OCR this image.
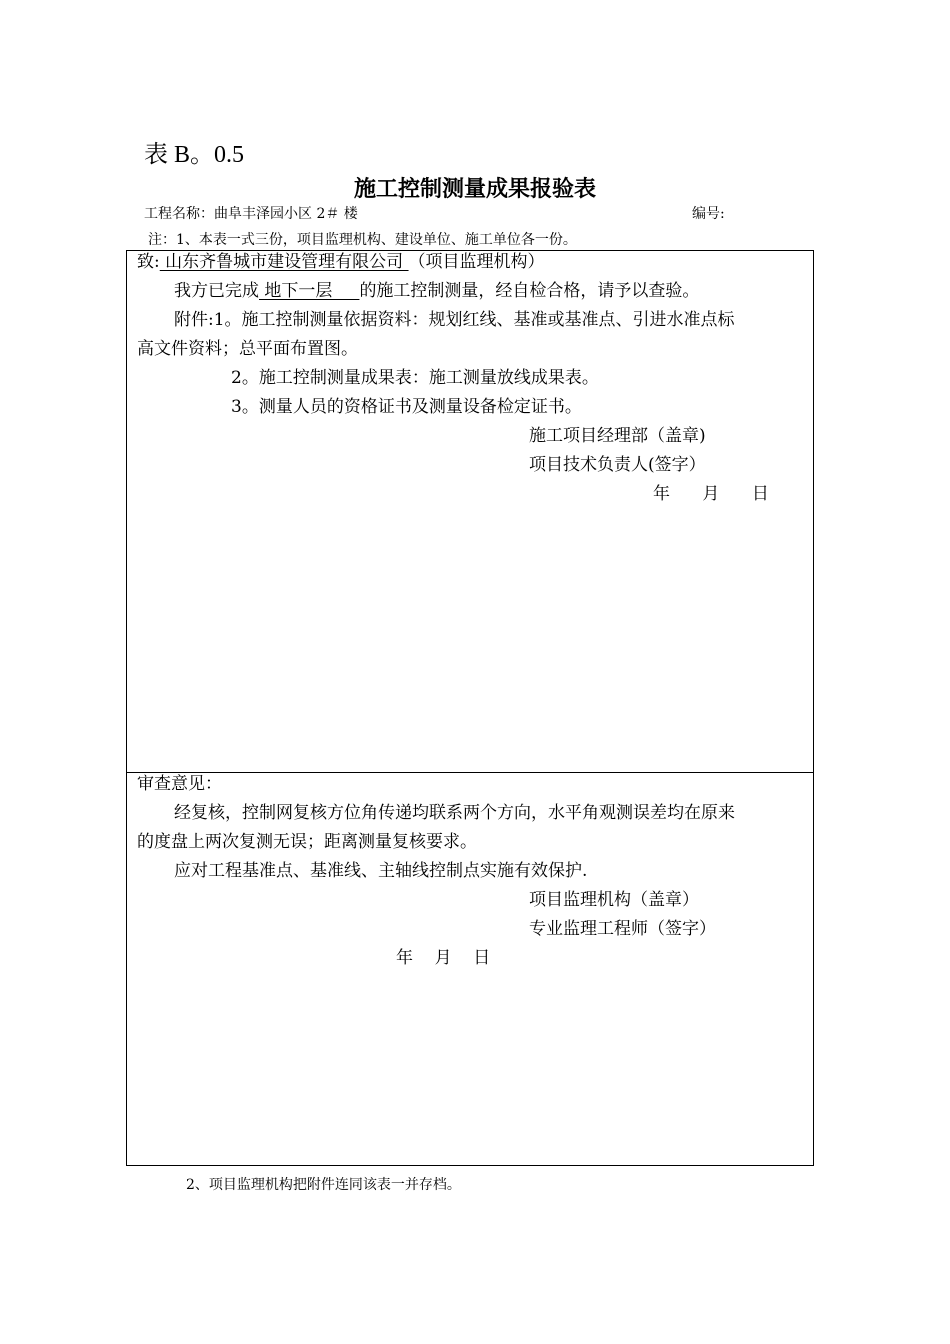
表 B。0.5
施工控制测量成果报验表
工程名称：曲阜丰泽园小区 2＃ 楼	编号:
注：1、本表一式三份，项目监理机构、建设单位、施工单位各一份。
致: 山东齐鲁城市建设管理有限公司 （项目监理机构）
我方已完成 地下一层     的施工控制测量，经自检合格，请予以查验。
附件:1。施工控制测量依据资料：规划红线、基准或基准点、引进水准点标
高文件资料；总平面布置图。
2。施工控制测量成果表：施工测量放线成果表。
3。测量人员的资格证书及测量设备检定证书。
施工项目经理部（盖章)
项目技术负责人(签字）
年      月      日
审查意见：
经复核，控制网复核方位角传递均联系两个方向，水平角观测误差均在原来
的度盘上两次复测无误；距离测量复核要求。
应对工程基准点、基准线、主轴线控制点实施有效保护.
项目监理机构（盖章）
专业监理工程师（签字）
年    月    日
2、项目监理机构把附件连同该表一并存档。
